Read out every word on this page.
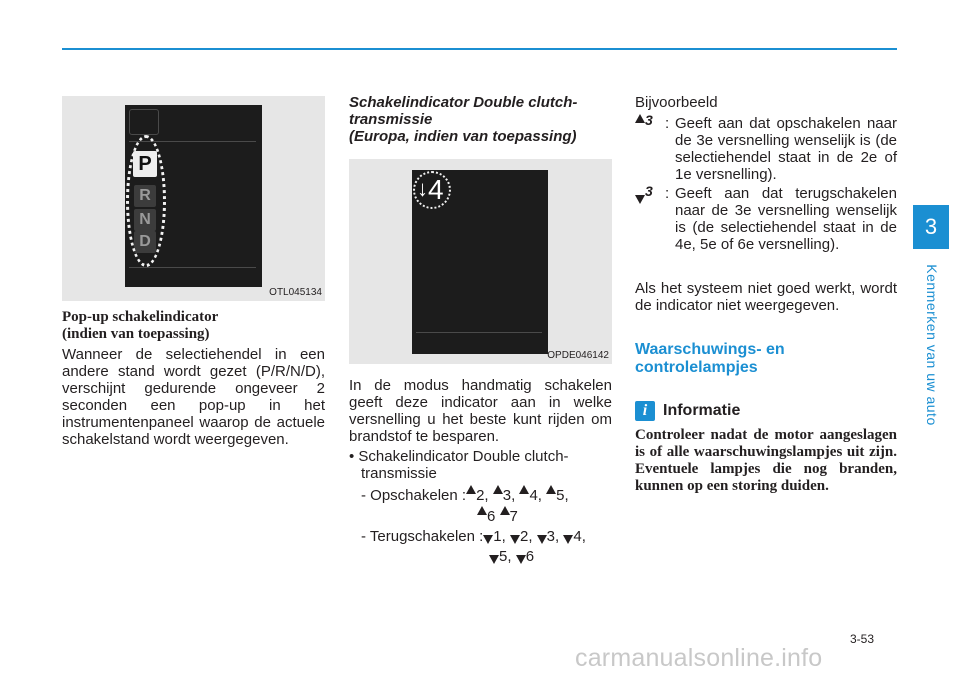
3
Kenmerken van uw auto
P
R
N
D
OTL045134
Pop-up schakelindicator
(indien van toepassing)
Wanneer de selectiehendel in een andere stand wordt gezet (P/R/N/D), verschijnt gedurende ongeveer 2 seconden een pop-up in het instrumentenpaneel waarop de actuele schakelstand wordt weergegeven.
Schakelindicator Double clutch-
transmissie
(Europa, indien van toepassing)
↓4
OPDE046142
In de modus handmatig schakelen geeft deze indicator aan in welke versnelling u het beste kunt rijden om brandstof te besparen.
• Schakelindicator Double clutch-
transmissie
- Opschakelen : 2, 3, 4, 5,
6 7
- Terugschakelen : 1, 2, 3, 4,
5, 6
Bijvoorbeeld
3 : Geeft aan dat opschakelen naar de 3e versnelling wenselijk is (de selectiehendel staat in de 2e of 1e versnelling).
3 : Geeft aan dat terugschakelen naar de 3e versnelling wenselijk is (de selectiehendel staat in de 4e, 5e of 6e versnelling).
Als het systeem niet goed werkt, wordt de indicator niet weergegeven.
Waarschuwings- en
controlelampjes
i Informatie
Controleer nadat de motor aangeslagen is of alle waarschuwingslampjes uit zijn. Eventuele lampjes die nog branden, kunnen op een storing duiden.
3-53
carmanualsonline.info
